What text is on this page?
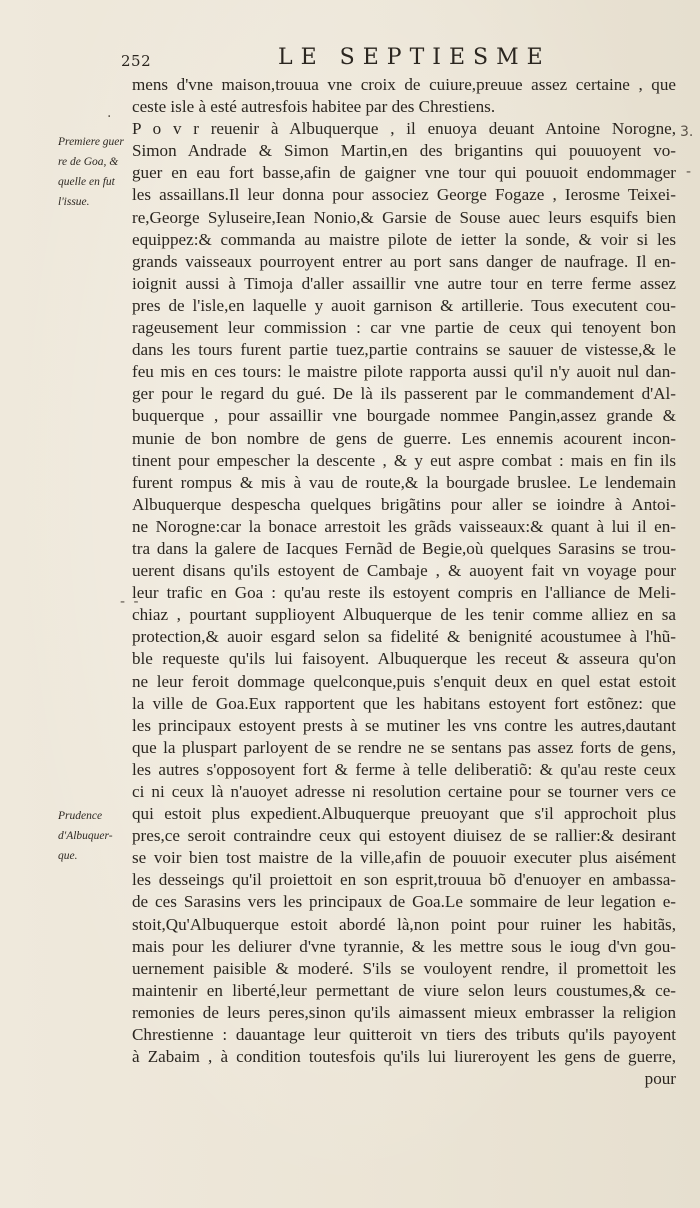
252	LE SEPTIESME
Premiere guer
re de Goa, &
quelle en fut
l'issue.
Prudence
d'Albuquer-
que.
.
3.
-
- -
mens d'vne maison,trouua vne croix de cuiure,preuue assez certaine , que
ceste isle à esté autresfois habitee par des Chrestiens.
P o v r reuenir à Albuquerque , il enuoya deuant Antoine Norogne,
Simon Andrade & Simon Martin,en des brigantins qui pouuoyent vo-
guer en eau fort basse,afin de gaigner vne tour qui pouuoit endommager
les assaillans.Il leur donna pour associez George Fogaze , Ierosme Teixei-
re,George Syluseire,Iean Nonio,& Garsie de Souse auec leurs esquifs bien
equippez:& commanda au maistre pilote de ietter la sonde, & voir si les
grands vaisseaux pourroyent entrer au port sans danger de naufrage. Il en-
ioignit aussi à Timoja d'aller assaillir vne autre tour en terre ferme assez
pres de l'isle,en laquelle y auoit garnison & artillerie. Tous executent cou-
rageusement leur commission : car vne partie de ceux qui tenoyent bon
dans les tours furent partie tuez,partie contrains se sauuer de vistesse,& le
feu mis en ces tours: le maistre pilote rapporta aussi qu'il n'y auoit nul dan-
ger pour le regard du gué. De là ils passerent par le commandement d'Al-
buquerque , pour assaillir vne bourgade nommee Pangin,assez grande &
munie de bon nombre de gens de guerre. Les ennemis acourent incon-
tinent pour empescher la descente , & y eut aspre combat : mais en fin ils
furent rompus & mis à vau de route,& la bourgade bruslee. Le lendemain
Albuquerque despescha quelques brigãtins pour aller se ioindre à Antoi-
ne Norogne:car la bonace arrestoit les grãds vaisseaux:& quant à lui il en-
tra dans la galere de Iacques Fernãd de Begie,où quelques Sarasins se trou-
uerent disans qu'ils estoyent de Cambaje , & auoyent fait vn voyage pour
leur trafic en Goa : qu'au reste ils estoyent compris en l'alliance de Meli-
chiaz , pourtant supplioyent Albuquerque de les tenir comme alliez en sa
protection,& auoir esgard selon sa fidelité & benignité acoustumee à l'hũ-
ble requeste qu'ils lui faisoyent. Albuquerque les receut & asseura qu'on
ne leur feroit dommage quelconque,puis s'enquit deux en quel estat estoit
la ville de Goa.Eux rapportent que les habitans estoyent fort estõnez: que
les principaux estoyent prests à se mutiner les vns contre les autres,dautant
que la pluspart parloyent de se rendre ne se sentans pas assez forts de gens,
les autres s'opposoyent fort & ferme à telle deliberatiõ: & qu'au reste ceux
ci ni ceux là n'auoyet adresse ni resolution certaine pour se tourner vers ce
qui estoit plus expedient.Albuquerque preuoyant que s'il approchoit plus
pres,ce seroit contraindre ceux qui estoyent diuisez de se rallier:& desirant
se voir bien tost maistre de la ville,afin de pouuoir executer plus aisément
les desseings qu'il proiettoit en son esprit,trouua bõ d'enuoyer en ambassa-
de ces Sarasins vers les principaux de Goa.Le sommaire de leur legation e-
stoit,Qu'Albuquerque estoit abordé là,non point pour ruiner les habitãs,
mais pour les deliurer d'vne tyrannie, & les mettre sous le ioug d'vn gou-
uernement paisible & moderé. S'ils se vouloyent rendre, il promettoit les
maintenir en liberté,leur permettant de viure selon leurs coustumes,& ce-
remonies de leurs peres,sinon qu'ils aimassent mieux embrasser la religion
Chrestienne : dauantage leur quitteroit vn tiers des tributs qu'ils payoyent
à Zabaim , à condition toutesfois qu'ils lui liureroyent les gens de guerre,
pour
